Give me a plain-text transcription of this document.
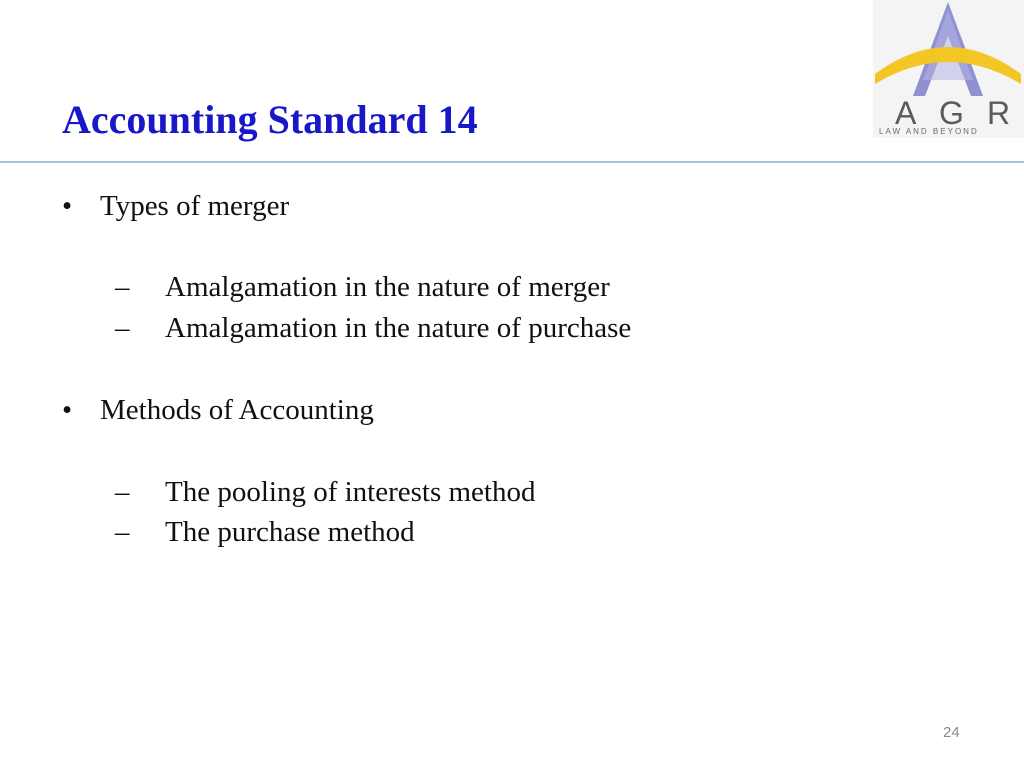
Accounting Standard 14	A G R
LAW AND BEYOND
• Types of merger
– Amalgamation in the nature of merger
– Amalgamation in the nature of purchase
• Methods of Accounting
– The pooling of interests method
– The purchase method
24
